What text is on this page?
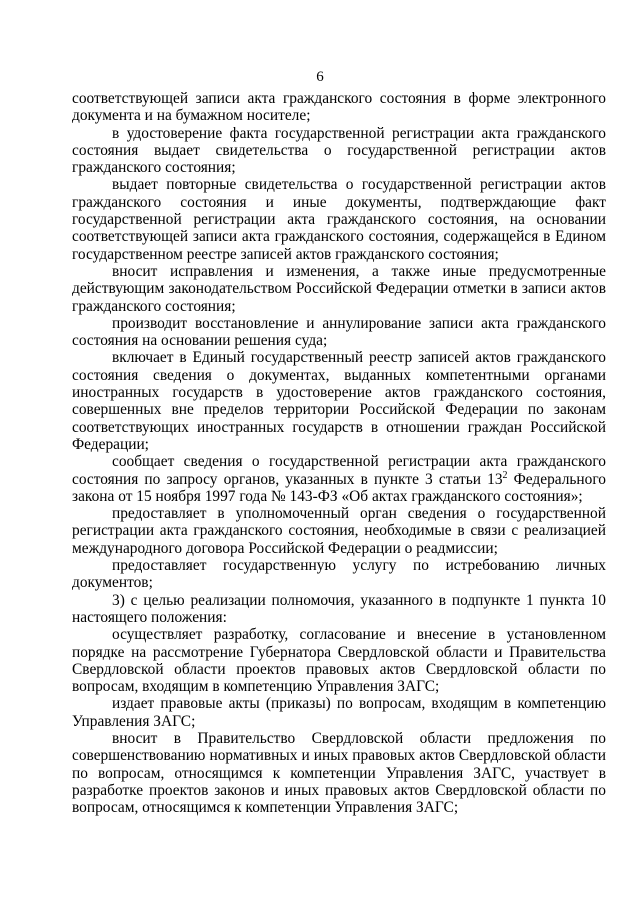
6

соответствующей записи акта гражданского состояния в форме электронного документа и на бумажном носителе;

в удостоверение факта государственной регистрации акта гражданского состояния выдает свидетельства о государственной регистрации актов гражданского состояния;

выдает повторные свидетельства о государственной регистрации актов гражданского состояния и иные документы, подтверждающие факт государственной регистрации акта гражданского состояния, на основании соответствующей записи акта гражданского состояния, содержащейся в Едином государственном реестре записей актов гражданского состояния;

вносит исправления и изменения, а также иные предусмотренные действующим законодательством Российской Федерации отметки в записи актов гражданского состояния;

производит восстановление и аннулирование записи акта гражданского состояния на основании решения суда;

включает в Единый государственный реестр записей актов гражданского состояния сведения о документах, выданных компетентными органами иностранных государств в удостоверение актов гражданского состояния, совершенных вне пределов территории Российской Федерации по законам соответствующих иностранных государств в отношении граждан Российской Федерации;

сообщает сведения о государственной регистрации акта гражданского состояния по запросу органов, указанных в пункте 3 статьи $13^2$ Федерального закона от 15 ноября 1997 года № 143-ФЗ «Об актах гражданского состояния»;

предоставляет в уполномоченный орган сведения о государственной регистрации акта гражданского состояния, необходимые в связи с реализацией международного договора Российской Федерации о реадмиссии;

предоставляет государственную услугу по истребованию личных документов;

3) с целью реализации полномочия, указанного в подпункте 1 пункта 10 настоящего положения:

осуществляет разработку, согласование и внесение в установленном порядке на рассмотрение Губернатора Свердловской области и Правительства Свердловской области проектов правовых актов Свердловской области по вопросам, входящим в компетенцию Управления ЗАГС;

издает правовые акты (приказы) по вопросам, входящим в компетенцию Управления ЗАГС;

вносит в Правительство Свердловской области предложения по совершенствованию нормативных и иных правовых актов Свердловской области по вопросам, относящимся к компетенции Управления ЗАГС, участвует в разработке проектов законов и иных правовых актов Свердловской области по вопросам, относящимся к компетенции Управления ЗАГС;
